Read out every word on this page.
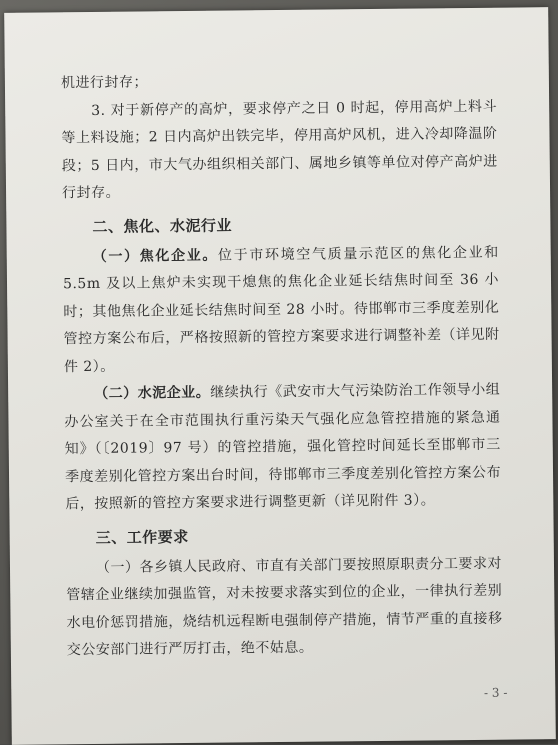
机进行封存；

3. 对于新停产的高炉，要求停产之日 0 时起，停用高炉上料斗等上料设施；2 日内高炉出铁完毕，停用高炉风机，进入冷却降温阶段；5 日内，市大气办组织相关部门、属地乡镇等单位对停产高炉进行封存。

二、焦化、水泥行业

（一）焦化企业。位于市环境空气质量示范区的焦化企业和 5.5m 及以上焦炉未实现干熄焦的焦化企业延长结焦时间至 36 小时；其他焦化企业延长结焦时间至 28 小时。待邯郸市三季度差别化管控方案公布后，严格按照新的管控方案要求进行调整补差（详见附件 2）。

（二）水泥企业。继续执行《武安市大气污染防治工作领导小组办公室关于在全市范围执行重污染天气强化应急管控措施的紧急通知》（〔2019〕97 号）的管控措施，强化管控时间延长至邯郸市三季度差别化管控方案出台时间，待邯郸市三季度差别化管控方案公布后，按照新的管控方案要求进行调整更新（详见附件 3）。

三、工作要求

（一）各乡镇人民政府、市直有关部门要按照原职责分工要求对管辖企业继续加强监管，对未按要求落实到位的企业，一律执行差别水电价惩罚措施，烧结机远程断电强制停产措施，情节严重的直接移交公安部门进行严厉打击，绝不姑息。

- 3 -
